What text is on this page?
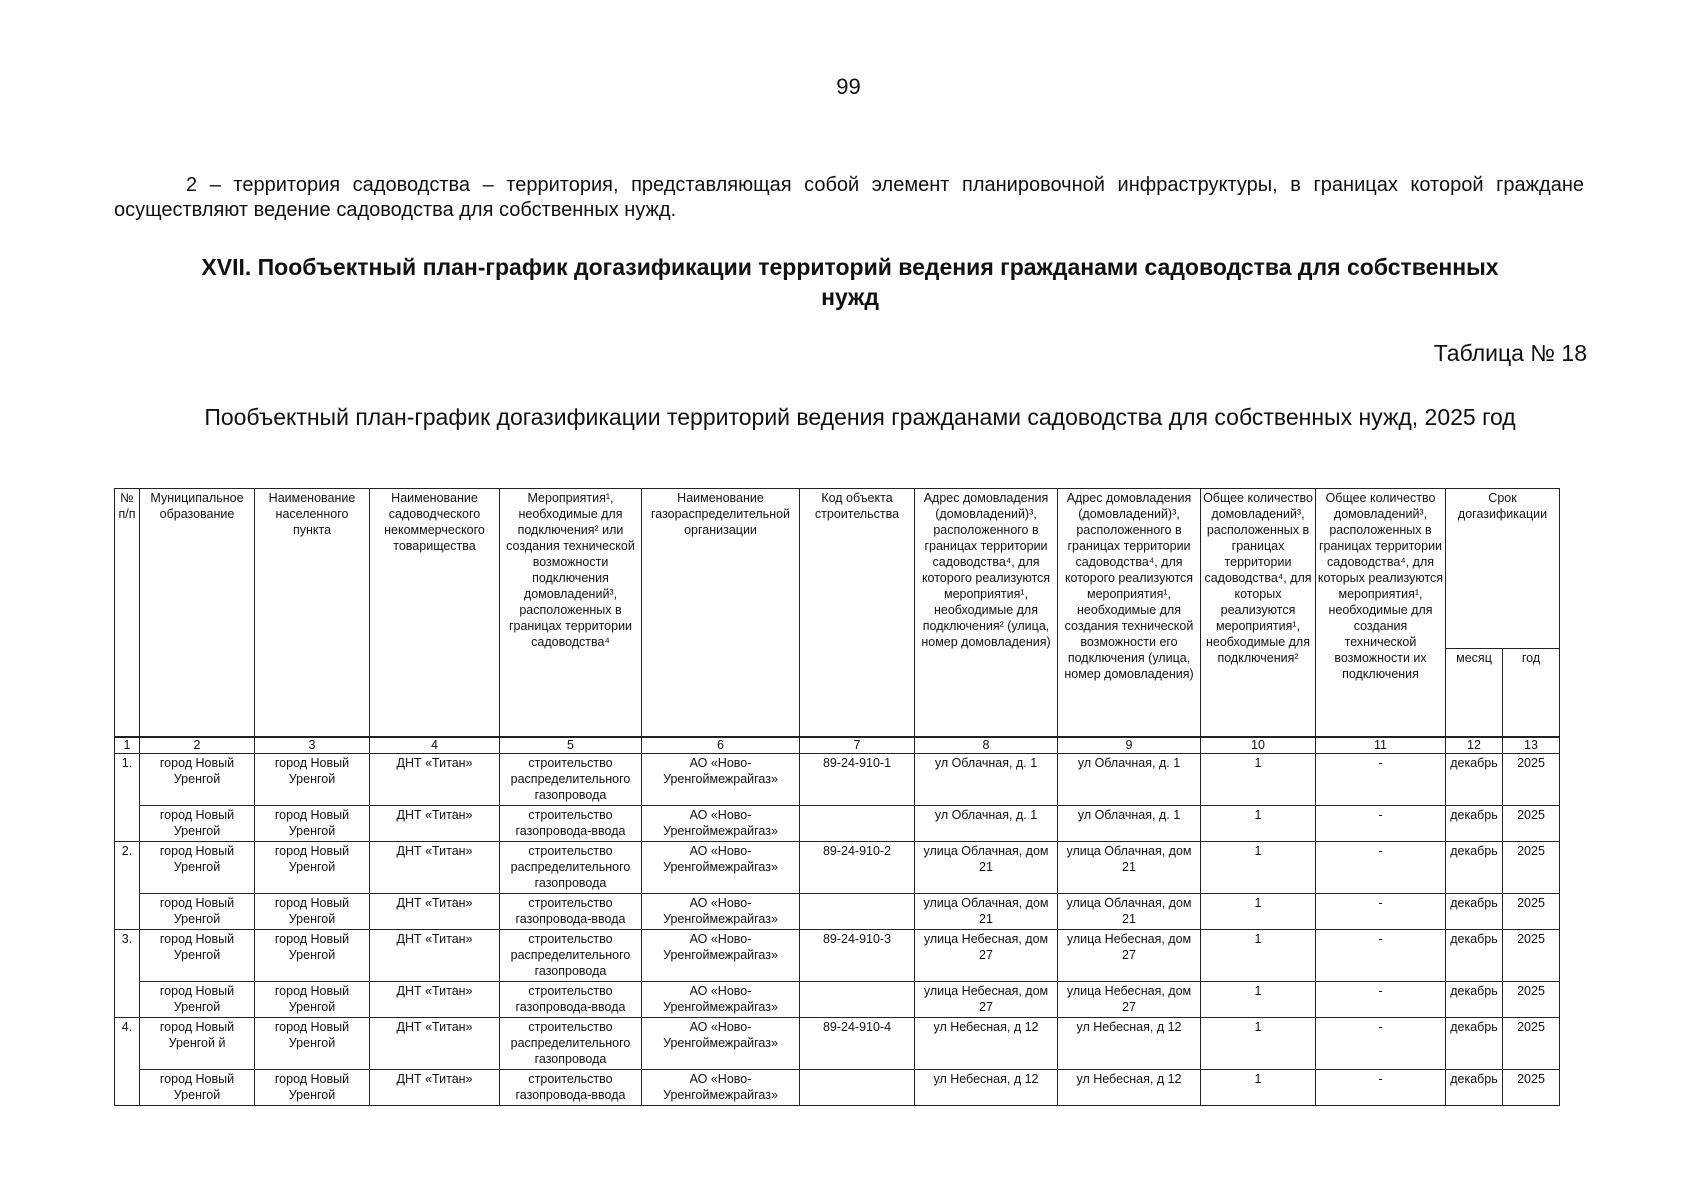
99
2 – территория садоводства – территория, представляющая собой элемент планировочной инфраструктуры, в границах которой граждане осуществляют ведение садоводства для собственных нужд.
XVII. Пообъектный план-график догазификации территорий ведения гражданами садоводства для собственных нужд
Таблица № 18
Пообъектный план-график догазификации территорий ведения гражданами садоводства для собственных нужд, 2025 год
№ п/п	Муниципальное образование	Наименование населенного пункта	Наименование садоводческого некоммерческого товарищества	Мероприятия¹, необходимые для подключения² или создания технической возможности подключения домовладений³, расположенных в границах территории садоводства⁴	Наименование газораспределительной организации	Код объекта строительства	Адрес домовладения (домовладений)³, расположенного в границах территории садоводства⁴, для которого реализуются мероприятия¹, необходимые для подключения² (улица, номер домовладения)	Адрес домовладения (домовладений)³, расположенного в границах территории садоводства⁴, для которого реализуются мероприятия¹, необходимые для создания технической возможности его подключения (улица, номер домовладения)	Общее количество домовладений³, расположенных в границах территории садоводства⁴, для которых реализуются мероприятия¹, необходимые для подключения²	Общее количество домовладений³, расположенных в границах территории садоводства⁴, для которых реализуются мероприятия¹, необходимые для создания технической возможности их подключения	Срок догазификации	
											месяц	год
1	2	3	4	5	6	7	8	9	10	11	12	13
1.	город Новый Уренгой	город Новый Уренгой	ДНТ «Титан»	строительство распределительного газопровода	АО «Ново-Уренгоймежрайгаз»	89-24-910-1	ул Облачная, д. 1	ул Облачная, д. 1	1	-	декабрь	2025
	город Новый Уренгой	город Новый Уренгой	ДНТ «Титан»	строительство газопровода-ввода	АО «Ново-Уренгоймежрайгаз»		ул Облачная, д. 1	ул Облачная, д. 1	1	-	декабрь	2025
2.	город Новый Уренгой	город Новый Уренгой	ДНТ «Титан»	строительство распределительного газопровода	АО «Ново-Уренгоймежрайгаз»	89-24-910-2	улица Облачная, дом 21	улица Облачная, дом 21	1	-	декабрь	2025
	город Новый Уренгой	город Новый Уренгой	ДНТ «Титан»	строительство газопровода-ввода	АО «Ново-Уренгоймежрайгаз»		улица Облачная, дом 21	улица Облачная, дом 21	1	-	декабрь	2025
3.	город Новый Уренгой	город Новый Уренгой	ДНТ «Титан»	строительство распределительного газопровода	АО «Ново-Уренгоймежрайгаз»	89-24-910-3	улица Небесная, дом 27	улица Небесная, дом 27	1	-	декабрь	2025
	город Новый Уренгой	город Новый Уренгой	ДНТ «Титан»	строительство газопровода-ввода	АО «Ново-Уренгоймежрайгаз»		улица Небесная, дом 27	улица Небесная, дом 27	1	-	декабрь	2025
4.	город Новый Уренгой й	город Новый Уренгой	ДНТ «Титан»	строительство распределительного газопровода	АО «Ново-Уренгоймежрайгаз»	89-24-910-4	ул Небесная, д 12	ул Небесная, д 12	1	-	декабрь	2025
	город Новый Уренгой	город Новый Уренгой	ДНТ «Титан»	строительство газопровода-ввода	АО «Ново-Уренгоймежрайгаз»		ул Небесная, д 12	ул Небесная, д 12	1	-	декабрь	2025
